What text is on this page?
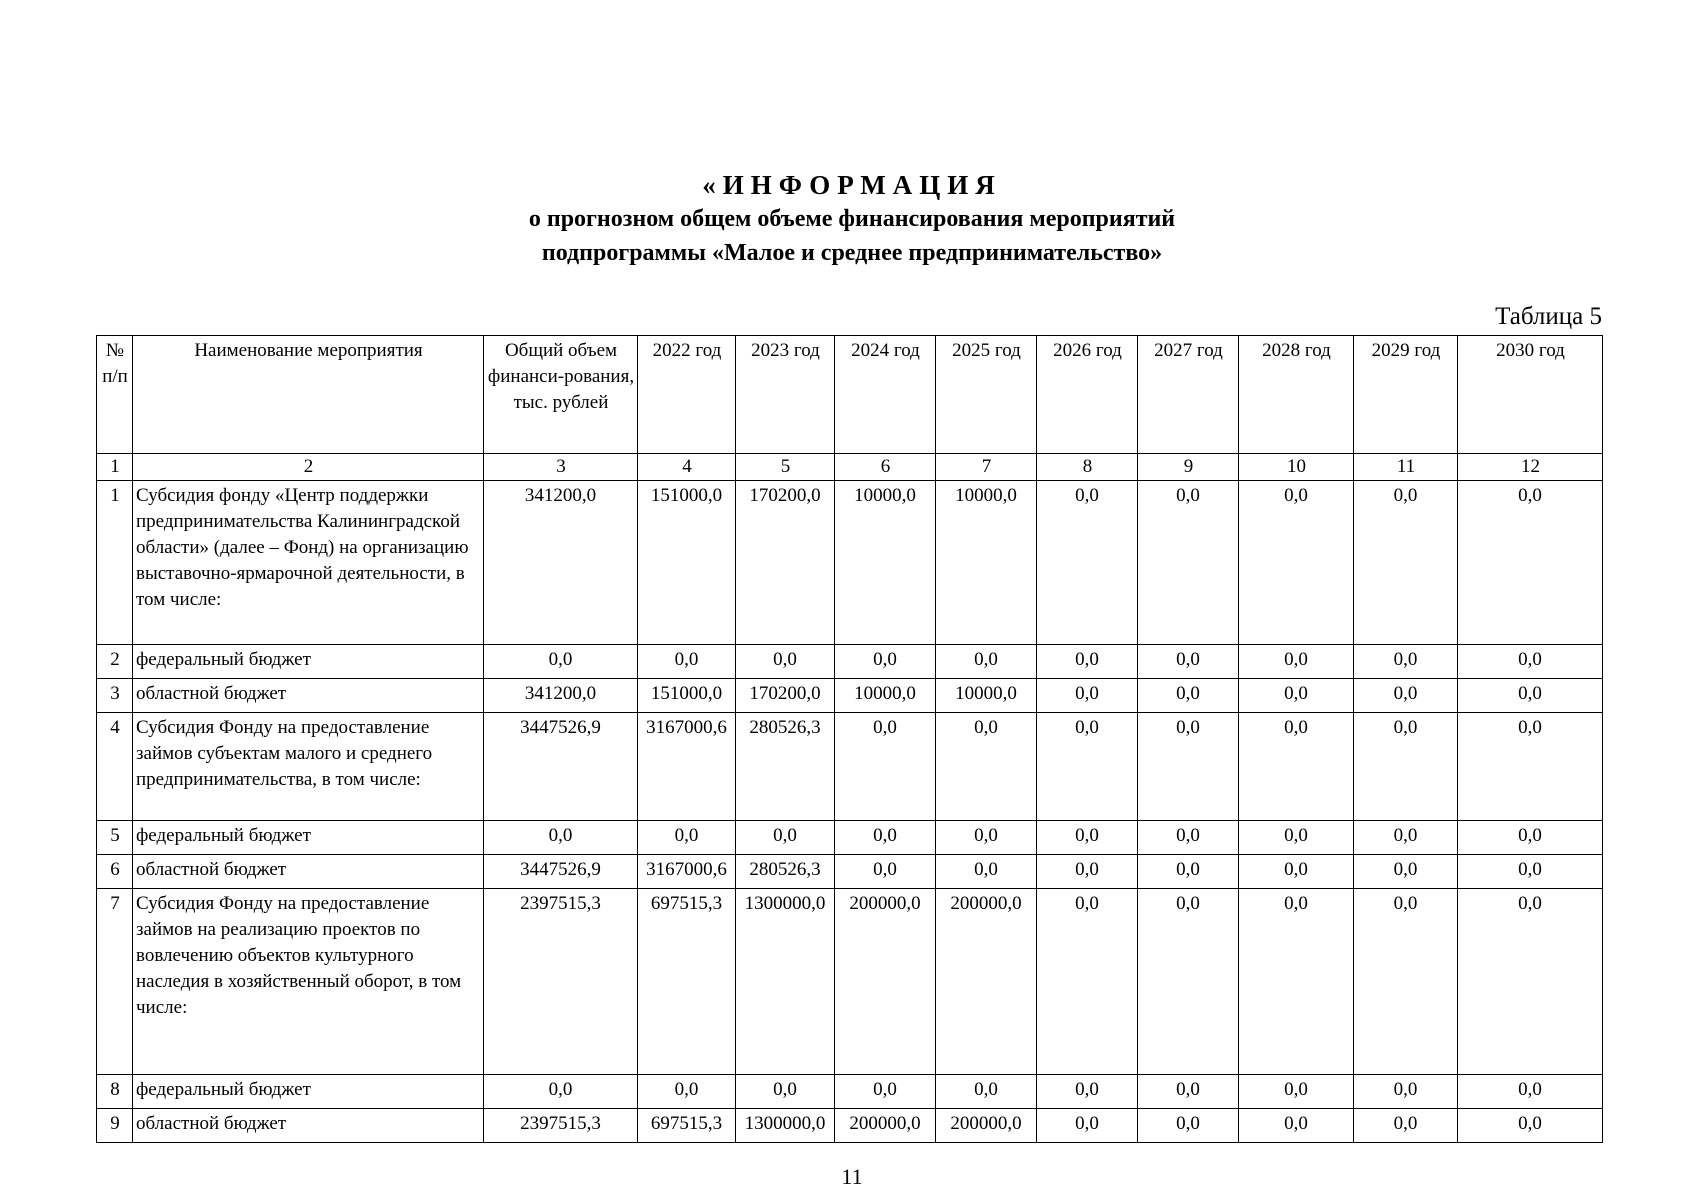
«ИНФОРМАЦИЯ
о прогнозном общем объеме финансирования мероприятий
подпрограммы «Малое и среднее предпринимательство»
Таблица 5
№ п/п	Наименование мероприятия	Общий объем финанси-рования, тыс. рублей	2022 год	2023 год	2024 год	2025 год	2026 год	2027 год	2028 год	2029 год	2030 год
1	2	3	4	5	6	7	8	9	10	11	12
1	Субсидия фонду «Центр поддержки предпринимательства Калининградской области» (далее – Фонд) на организацию выставочно-ярмарочной деятельности, в том числе:	341200,0	151000,0	170200,0	10000,0	10000,0	0,0	0,0	0,0	0,0	0,0
2	федеральный бюджет	0,0	0,0	0,0	0,0	0,0	0,0	0,0	0,0	0,0	0,0
3	областной бюджет	341200,0	151000,0	170200,0	10000,0	10000,0	0,0	0,0	0,0	0,0	0,0
4	Субсидия Фонду на предоставление займов субъектам малого и среднего предпринимательства, в том числе:	3447526,9	3167000,6	280526,3	0,0	0,0	0,0	0,0	0,0	0,0	0,0
5	федеральный бюджет	0,0	0,0	0,0	0,0	0,0	0,0	0,0	0,0	0,0	0,0
6	областной бюджет	3447526,9	3167000,6	280526,3	0,0	0,0	0,0	0,0	0,0	0,0	0,0
7	Субсидия Фонду на предоставление займов на реализацию проектов по вовлечению объектов культурного наследия в хозяйственный оборот, в том числе:	2397515,3	697515,3	1300000,0	200000,0	200000,0	0,0	0,0	0,0	0,0	0,0
8	федеральный бюджет	0,0	0,0	0,0	0,0	0,0	0,0	0,0	0,0	0,0	0,0
9	областной бюджет	2397515,3	697515,3	1300000,0	200000,0	200000,0	0,0	0,0	0,0	0,0	0,0
11
